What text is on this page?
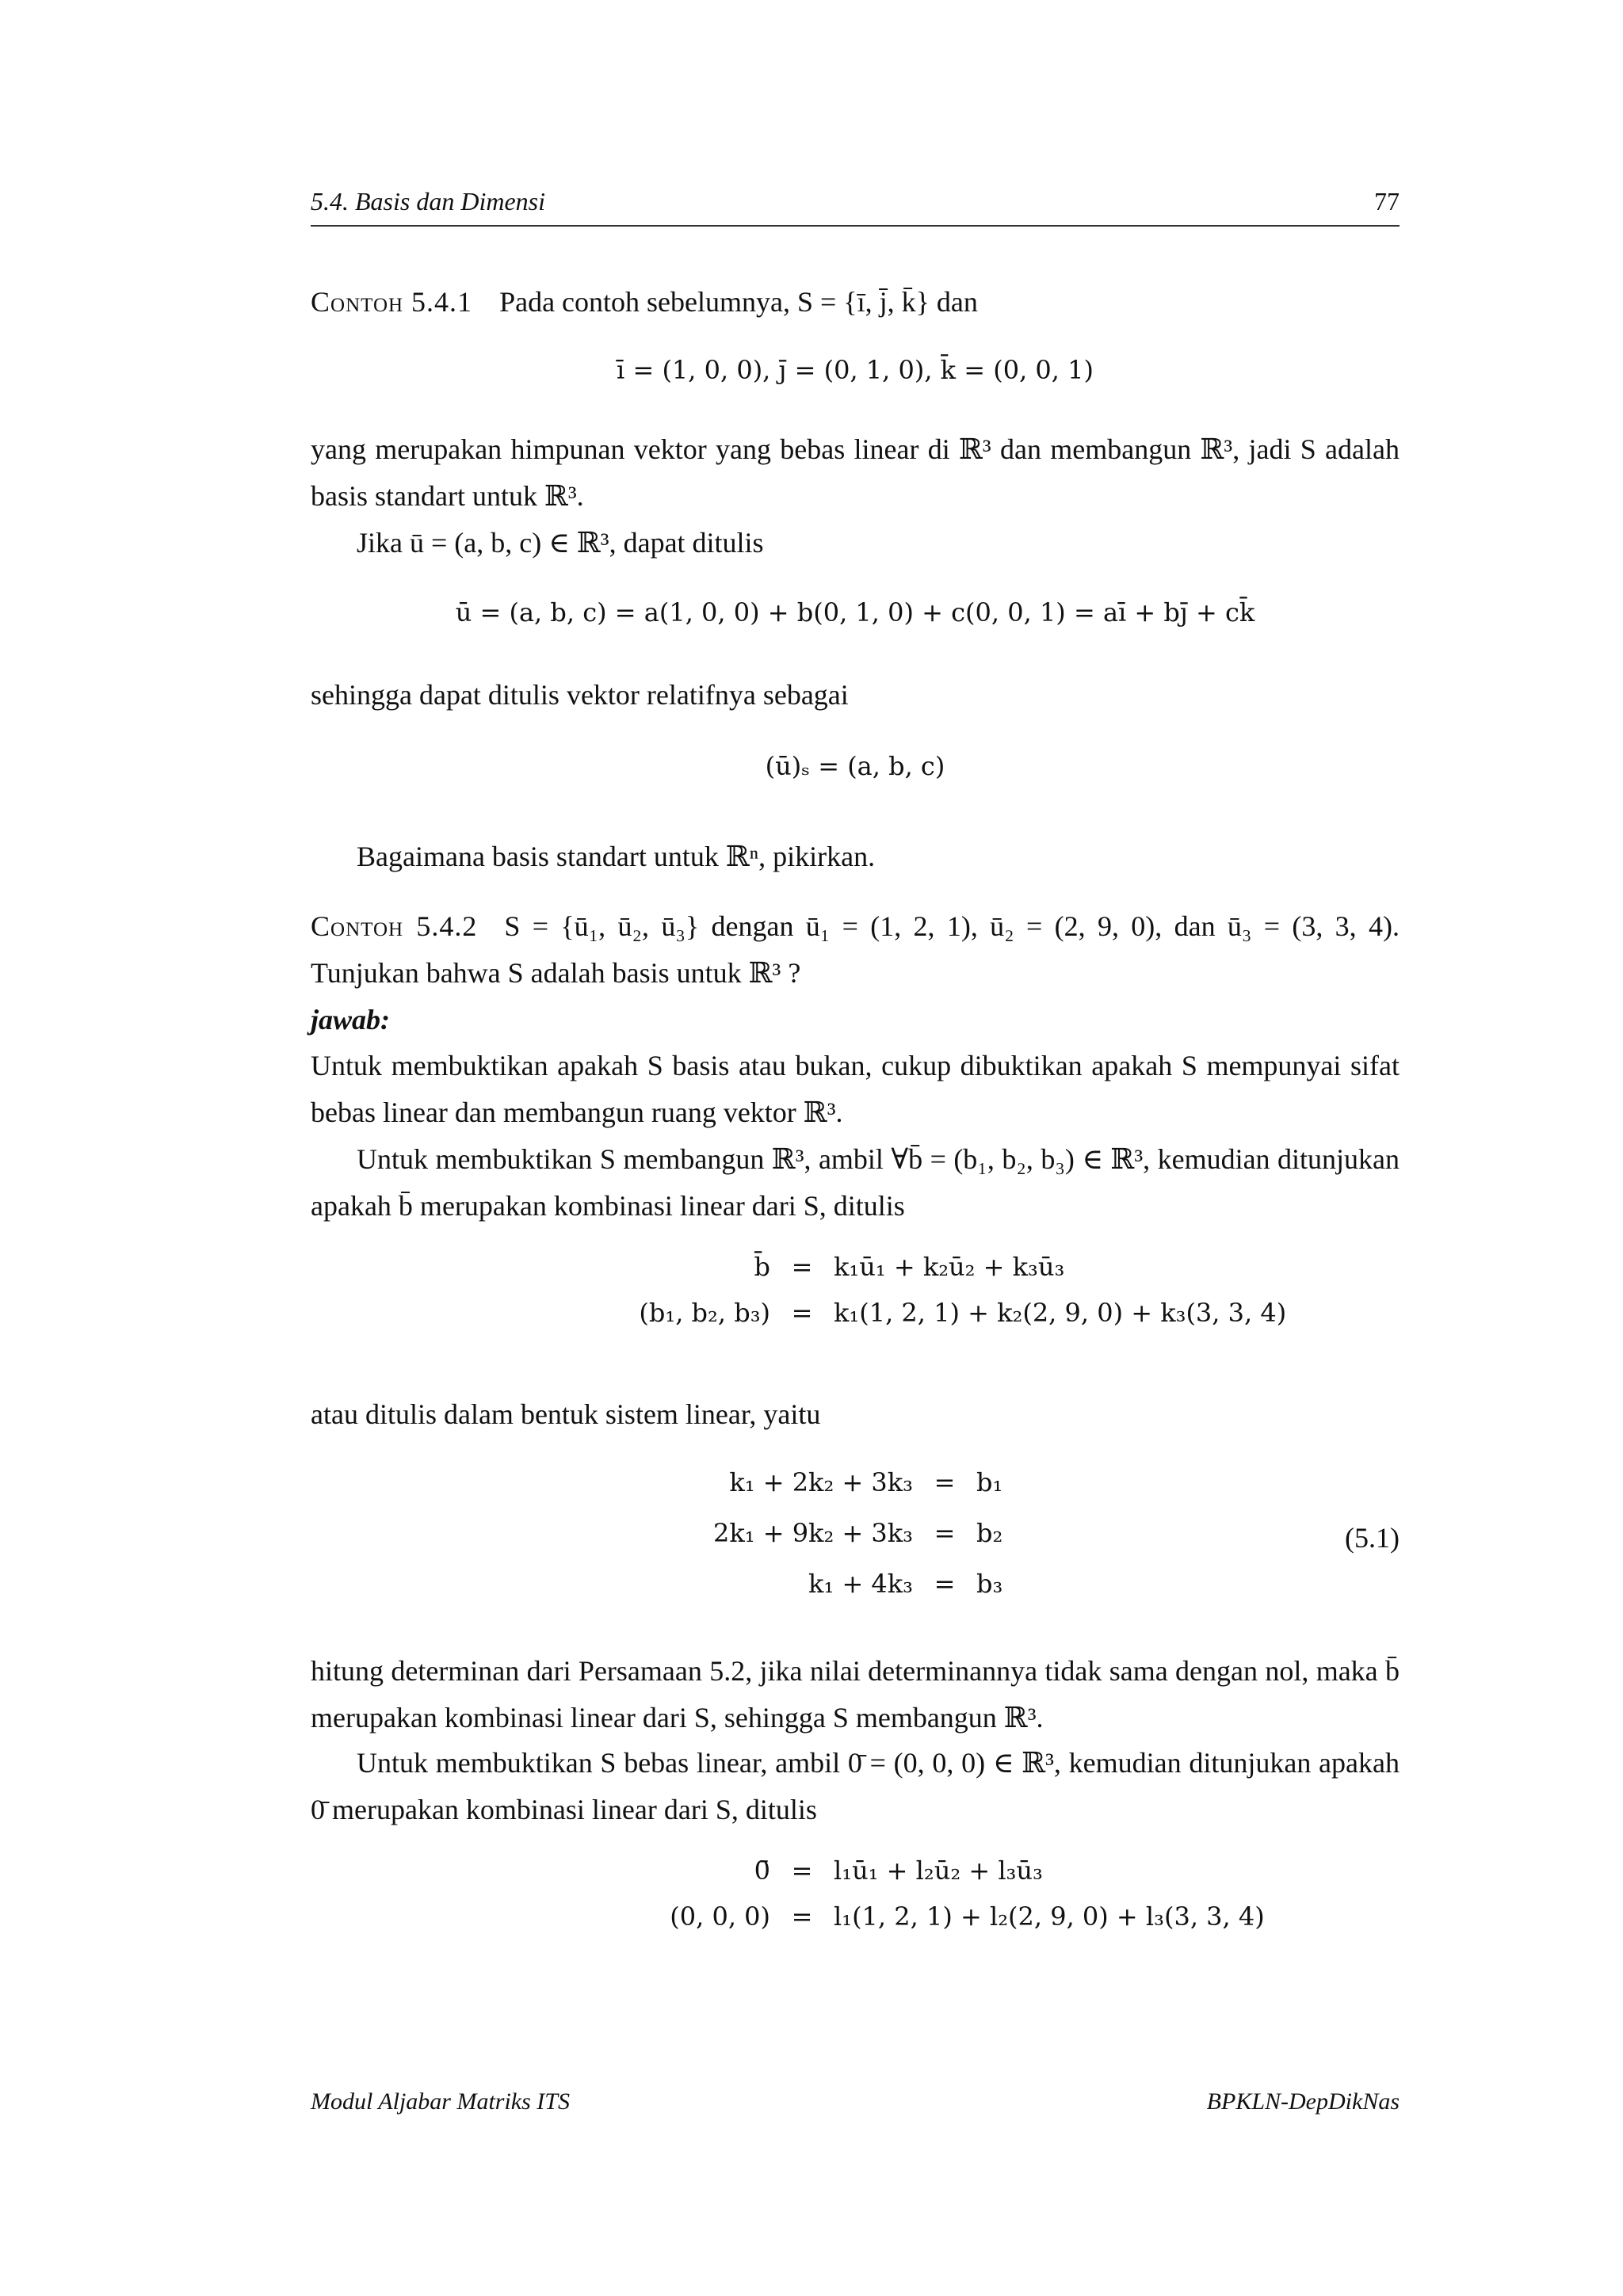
5.4. Basis dan Dimensi	77
Contoh 5.4.1 Pada contoh sebelumnya, S = {ī, j̄, k̄} dan
ī = (1, 0, 0), j̄ = (0, 1, 0), k̄ = (0, 0, 1)
yang merupakan himpunan vektor yang bebas linear di ℝ³ dan membangun ℝ³, jadi S adalah basis standart untuk ℝ³.
Jika ū = (a, b, c) ∈ ℝ³, dapat ditulis
ū = (a, b, c) = a(1, 0, 0) + b(0, 1, 0) + c(0, 0, 1) = aī + bj̄ + ck̄
sehingga dapat ditulis vektor relatifnya sebagai
(ū)ₛ = (a, b, c)
Bagaimana basis standart untuk ℝⁿ, pikirkan.
Contoh 5.4.2 S = {ū₁, ū₂, ū₃} dengan ū₁ = (1, 2, 1), ū₂ = (2, 9, 0), dan ū₃ = (3, 3, 4). Tunjukan bahwa S adalah basis untuk ℝ³ ?
jawab:
Untuk membuktikan apakah S basis atau bukan, cukup dibuktikan apakah S mempunyai sifat bebas linear dan membangun ruang vektor ℝ³.
Untuk membuktikan S membangun ℝ³, ambil ∀b̄ = (b₁, b₂, b₃) ∈ ℝ³, kemudian ditunjukan apakah b̄ merupakan kombinasi linear dari S, ditulis
b̄ = k₁ū₁ + k₂ū₂ + k₃ū₃
(b₁, b₂, b₃) = k₁(1, 2, 1) + k₂(2, 9, 0) + k₃(3, 3, 4)
atau ditulis dalam bentuk sistem linear, yaitu
k₁ + 2k₂ + 3k₃ = b₁
2k₁ + 9k₂ + 3k₃ = b₂
k₁ + 4k₃ = b₃
(5.1)
hitung determinan dari Persamaan 5.2, jika nilai determinannya tidak sama dengan nol, maka b̄ merupakan kombinasi linear dari S, sehingga S membangun ℝ³.
Untuk membuktikan S bebas linear, ambil 0̄ = (0, 0, 0) ∈ ℝ³, kemudian ditunjukan apakah 0̄ merupakan kombinasi linear dari S, ditulis
0̄ = l₁ū₁ + l₂ū₂ + l₃ū₃
(0, 0, 0) = l₁(1, 2, 1) + l₂(2, 9, 0) + l₃(3, 3, 4)
Modul Aljabar Matriks ITS	BPKLN-DepDikNas
